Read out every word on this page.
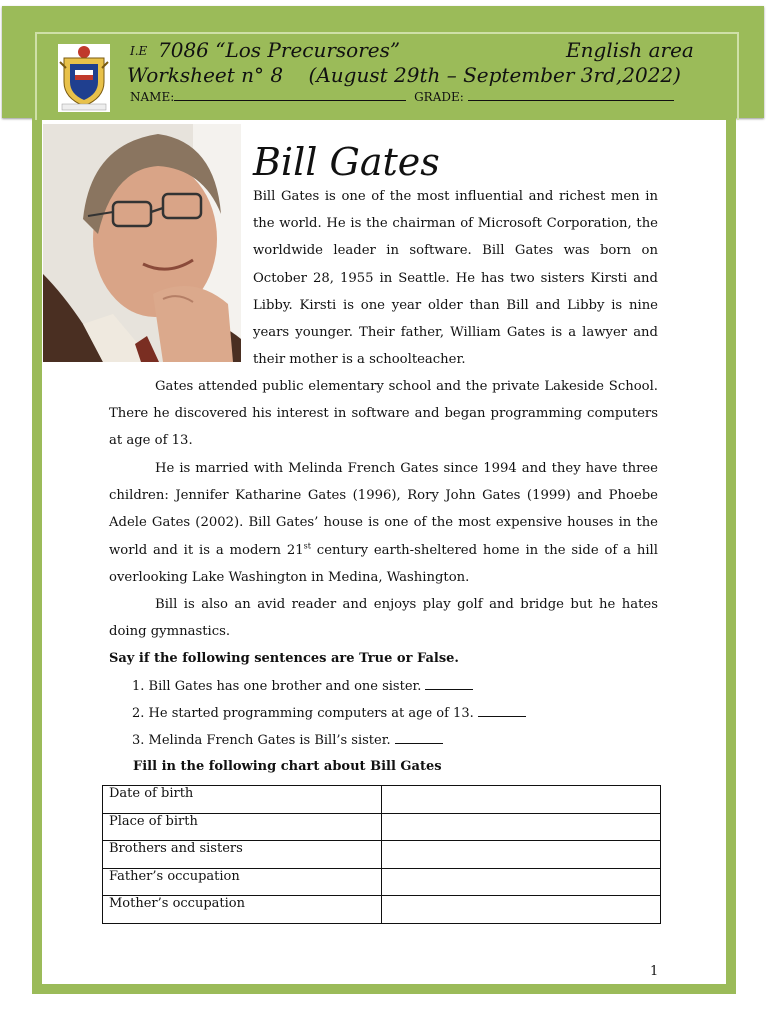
I.E 7086 “Los Precursores”	English area
Worksheet n° 8    (August 29th – September 3rd,2022)
NAME:	GRADE:
Bill Gates
Bill Gates is one of the most influential and richest men in the world. He is the chairman of Microsoft Corporation, the worldwide leader in software. Bill Gates was born on October 28, 1955 in Seattle. He has two sisters Kirsti and Libby. Kirsti is one year older than Bill and Libby is nine years younger. Their father, William Gates is a lawyer and their mother is a schoolteacher.
Gates attended public elementary school and the private Lakeside School. There he discovered his interest in software and began programming computers at age of 13.
He is married with Melinda French Gates since 1994 and they have three children: Jennifer Katharine Gates (1996), Rory John Gates (1999) and Phoebe Adele Gates (2002). Bill Gates’ house is one of the most expensive houses in the world and it is a modern 21st century earth-sheltered home in the side of a hill overlooking Lake Washington in Medina, Washington.
Bill is also an avid reader and enjoys play golf and bridge but he hates doing gymnastics.
Say if the following sentences are True or False.
1. Bill Gates has one brother and one sister.
2. He started programming computers at age of 13.
3. Melinda French Gates is Bill’s sister.
Fill in the following chart about Bill Gates
Date of birth	
Place of birth	
Brothers and sisters	
Father’s occupation	
Mother’s occupation	
1
